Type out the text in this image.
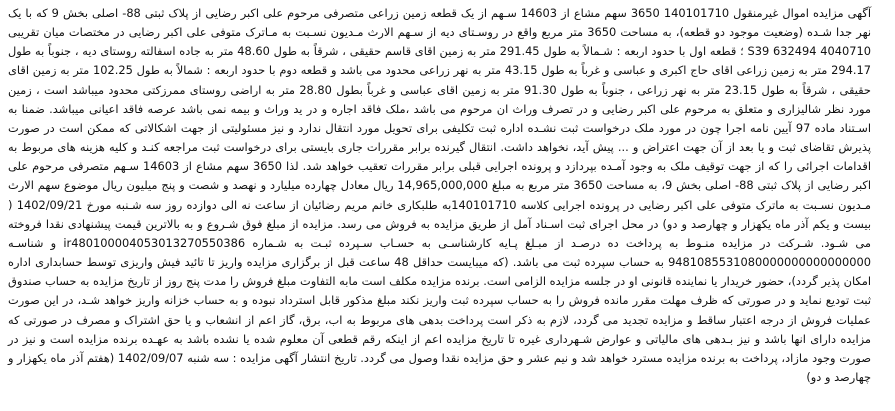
آگهی مزایده اموال غیرمنقول 140101710 3650 سهم مشاع از 14603 سـهم از یک قطعه زمین زراعی متصرفی مرحوم علی اکبر رضایی از پلاک ثبتی 88- اصلی بخش 9 که با یک نهر جدا شـده (وضعیت موجود دو قطعه)، به مساحت 3650 متر مربع واقع در روسـتای دیه از سـهم الارث مـدیون نسـبت به مـاترک متوفی علی اکبر رضایی در مختصات میان تقریبی 4040710 S39 632494 ؛ قطعه اول با حدود اربعه : شـمالاً به طول 291.45 متر به زمین اقای قاسم حقیقی ، شرقاً به طول 48.60 متر به جاده اسفالته روستای دیه ، جنوباً به طول 294.17 متر به زمین زراعی اقای حاج اکبری و عباسی و غرباً به طول 43.15 متر به نهر زراعی محدود می باشد و قطعه دوم با حدود اربعه : شمالاً به طول 102.25 متر به زمین اقای حقیقی ، شرقاً به طول 23.15 متر به نهر زراعی ، جنوباً به طول 91.30 متر به زمین اقای عباسی و غرباً بطول 28.80 متر به اراضی روستای ممرزکتی محدود میباشد است ، زمین مورد نظر شالیزاری و متعلق به مرحوم علی اکبر رضایی و در تصرف وراث ان مرحوم می باشد ،ملک فاقد اجاره و در ید وراث و بیمه نمی باشد عرصه فاقد اعیانی میباشد. ضمنا به اسـتناد ماده 97 آیین نامه اجرا چون در مورد ملک درخواست ثبت نشـده اداره ثبت تکلیفی برای تحویل مورد انتقال ندارد و نیز مسئولیتی از جهت اشکالاتی که ممکن است در صورت پذیرش تقاضای ثبت و یا بعد از آن جهت اعتراض و ... پیش آید، نخواهد داشت. انتقال گیرنده برابر مقررات جاری بایستی برای درخواست ثبت مراجعه کنـد و کلیه هزینه های مربوط به اقدامات اجرائی را که از جهت توقیف ملک به وجود آمـده بپردازد و پرونده اجرایی قبلی برابر مقررات تعقیب خواهد شد. لذا 3650 سهم مشاع از 14603 سـهم متصرفی مرحوم علی اکبر رضایی از پلاک ثبتی 88- اصلی بخش 9، به مساحت 3650 متر مربع به مبلغ 14,965,000,000 ریال معادل چهارده میلیارد و نهصد و شصت و پنج میلیون ریال موضوع سهم الارث مـدیون نسـبت به ماترک متوفی علی اکبر رضایی در پرونده اجرایی کلاسه 140101710به طلبکاری خانم مریم رضائیان از ساعت نه الی دوازده روز سه شـنبه مورخ 1402/09/21 ( بیست و یکم آذر ماه یکهزار و چهارصد و دو) در محل اجرای ثبت اسـناد آمل از طریق مزایده به فروش می رسد. مزایده از مبلغ فوق شـروع و به بالاترین قیمت پیشنهادی نقدا فروخته می شـود. شـرکت در مزایده منـوط به پرداخت ده درصـد از مبـلغ پـایه کارشناسـی به حسـاب سـپرده ثبـت به شـماره ir480100004053013270550386 و شناسـه 9481085531080000000000000000 به حساب سپرده ثبت می باشد. (که میبایست حداقل 48 ساعت قبل از برگزاری مزایده واریز تا تائید فیش واریزی توسط حسابداری اداره امکان پذیر گردد)، حضور خریدار یا نماینده قانونی او در جلسه مزایده الزامی است. برنده مزایده مکلف است مابه التفاوت مبلغ فروش را مدت پنج روز از تاریخ مزایده به حساب صندوق ثبت تودیع نماید و در صورتی که ظرف مهلت مقرر مانده فروش را به حساب سپرده ثبت واریز نکند مبلغ مذکور قابل استرداد نبوده و به حساب خزانه واریز خواهد شـد، در این صورت عملیات فروش از درجه اعتبار ساقط و مزایده تجدید می گردد، لازم به ذکر است پرداخت بدهی های مربوط به اب، برق، گاز اعم از انشعاب و یا حق اشتراک و مصرف در صورتی که مزایده دارای انها باشد و نیز بـدهی های مالیاتی و عوارض شـهرداری غیره تا تاریخ مزایده اعم از اینکه رقم قطعی آن معلوم شده یا نشده باشد به عهـده برنده مزایده است و نیز در صورت وجود مازاد، پرداخت به برنده مزایده مسترد خواهد شد و نیم عشر و حق مزایده نقدا وصول می گردد. تاریخ انتشار آگهی مزایده : سه شنبه 1402/09/07 (هفتم آذر ماه یکهزار و چهارصد و دو)
